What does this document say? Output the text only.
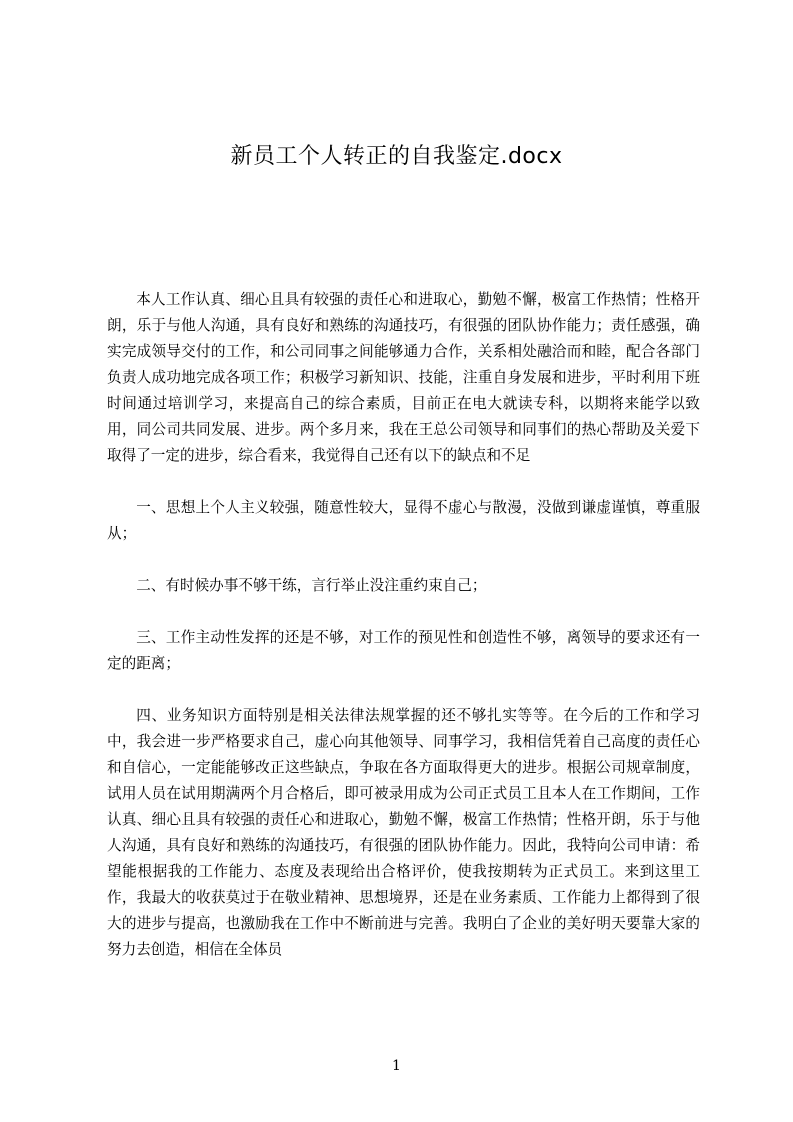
新员工个人转正的自我鉴定.docx

本人工作认真、细心且具有较强的责任心和进取心，勤勉不懈，极富工作热情；性格开朗，乐于与他人沟通，具有良好和熟练的沟通技巧，有很强的团队协作能力；责任感强，确实完成领导交付的工作，和公司同事之间能够通力合作，关系相处融洽而和睦，配合各部门负责人成功地完成各项工作；积极学习新知识、技能，注重自身发展和进步，平时利用下班时间通过培训学习，来提高自己的综合素质，目前正在电大就读专科，以期将来能学以致用，同公司共同发展、进步。两个多月来，我在王总公司领导和同事们的热心帮助及关爱下取得了一定的进步，综合看来，我觉得自己还有以下的缺点和不足

一、思想上个人主义较强，随意性较大，显得不虚心与散漫，没做到谦虚谨慎，尊重服从；

二、有时候办事不够干练，言行举止没注重约束自己；

三、工作主动性发挥的还是不够，对工作的预见性和创造性不够，离领导的要求还有一定的距离；

四、业务知识方面特别是相关法律法规掌握的还不够扎实等等。在今后的工作和学习中，我会进一步严格要求自己，虚心向其他领导、同事学习，我相信凭着自己高度的责任心和自信心，一定能能够改正这些缺点，争取在各方面取得更大的进步。根据公司规章制度，试用人员在试用期满两个月合格后，即可被录用成为公司正式员工且本人在工作期间，工作认真、细心且具有较强的责任心和进取心，勤勉不懈，极富工作热情；性格开朗，乐于与他人沟通，具有良好和熟练的沟通技巧，有很强的团队协作能力。因此，我特向公司申请：希望能根据我的工作能力、态度及表现给出合格评价，使我按期转为正式员工。来到这里工作，我最大的收获莫过于在敬业精神、思想境界，还是在业务素质、工作能力上都得到了很大的进步与提高，也激励我在工作中不断前进与完善。我明白了企业的美好明天要靠大家的努力去创造，相信在全体员

1
